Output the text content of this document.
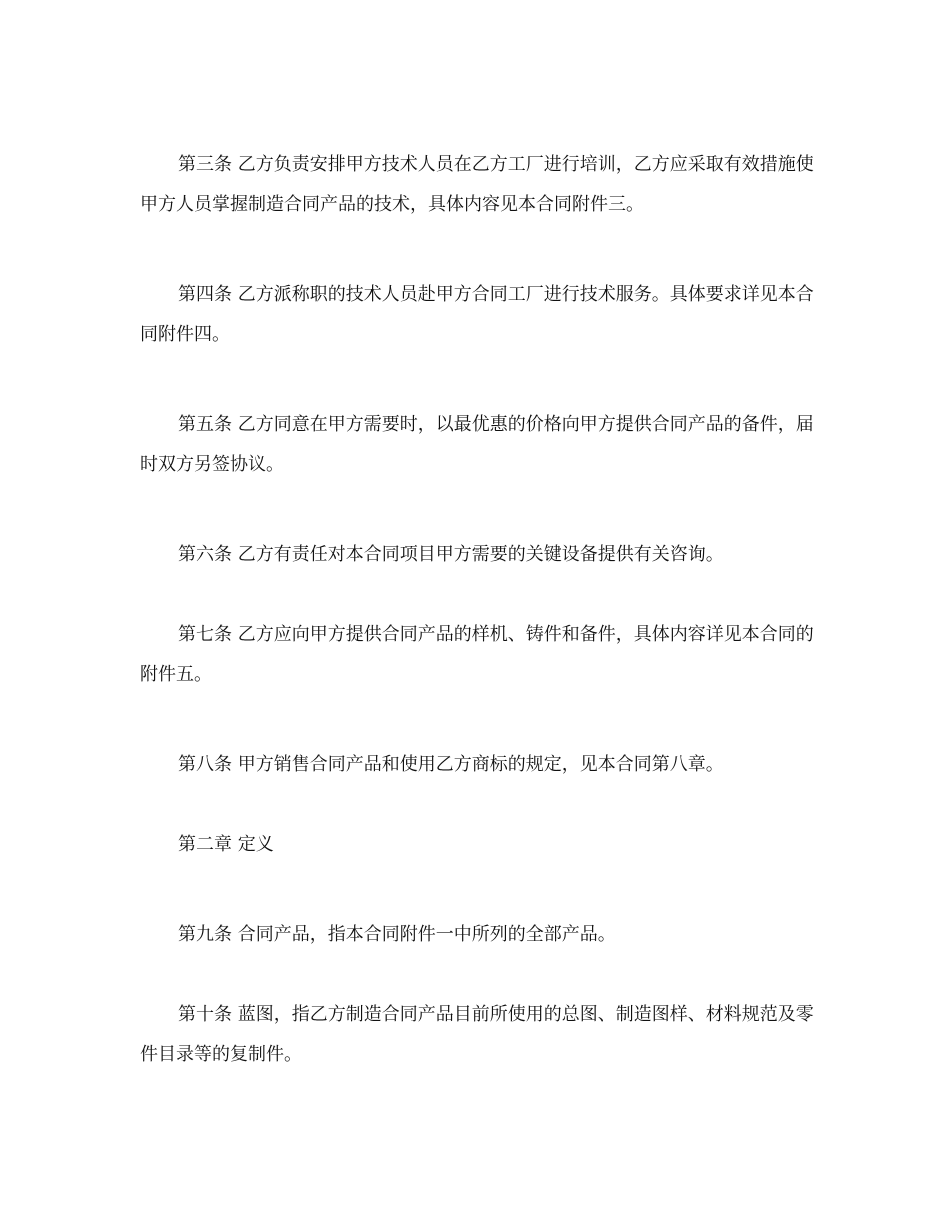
第三条 乙方负责安排甲方技术人员在乙方工厂进行培训，乙方应采取有效措施使甲方人员掌握制造合同产品的技术，具体内容见本合同附件三。

第四条 乙方派称职的技术人员赴甲方合同工厂进行技术服务。具体要求详见本合同附件四。

第五条 乙方同意在甲方需要时，以最优惠的价格向甲方提供合同产品的备件，届时双方另签协议。

第六条 乙方有责任对本合同项目甲方需要的关键设备提供有关咨询。

第七条 乙方应向甲方提供合同产品的样机、铸件和备件，具体内容详见本合同的附件五。

第八条 甲方销售合同产品和使用乙方商标的规定，见本合同第八章。

第二章 定义

第九条 合同产品，指本合同附件一中所列的全部产品。

第十条 蓝图，指乙方制造合同产品目前所使用的总图、制造图样、材料规范及零件目录等的复制件。
